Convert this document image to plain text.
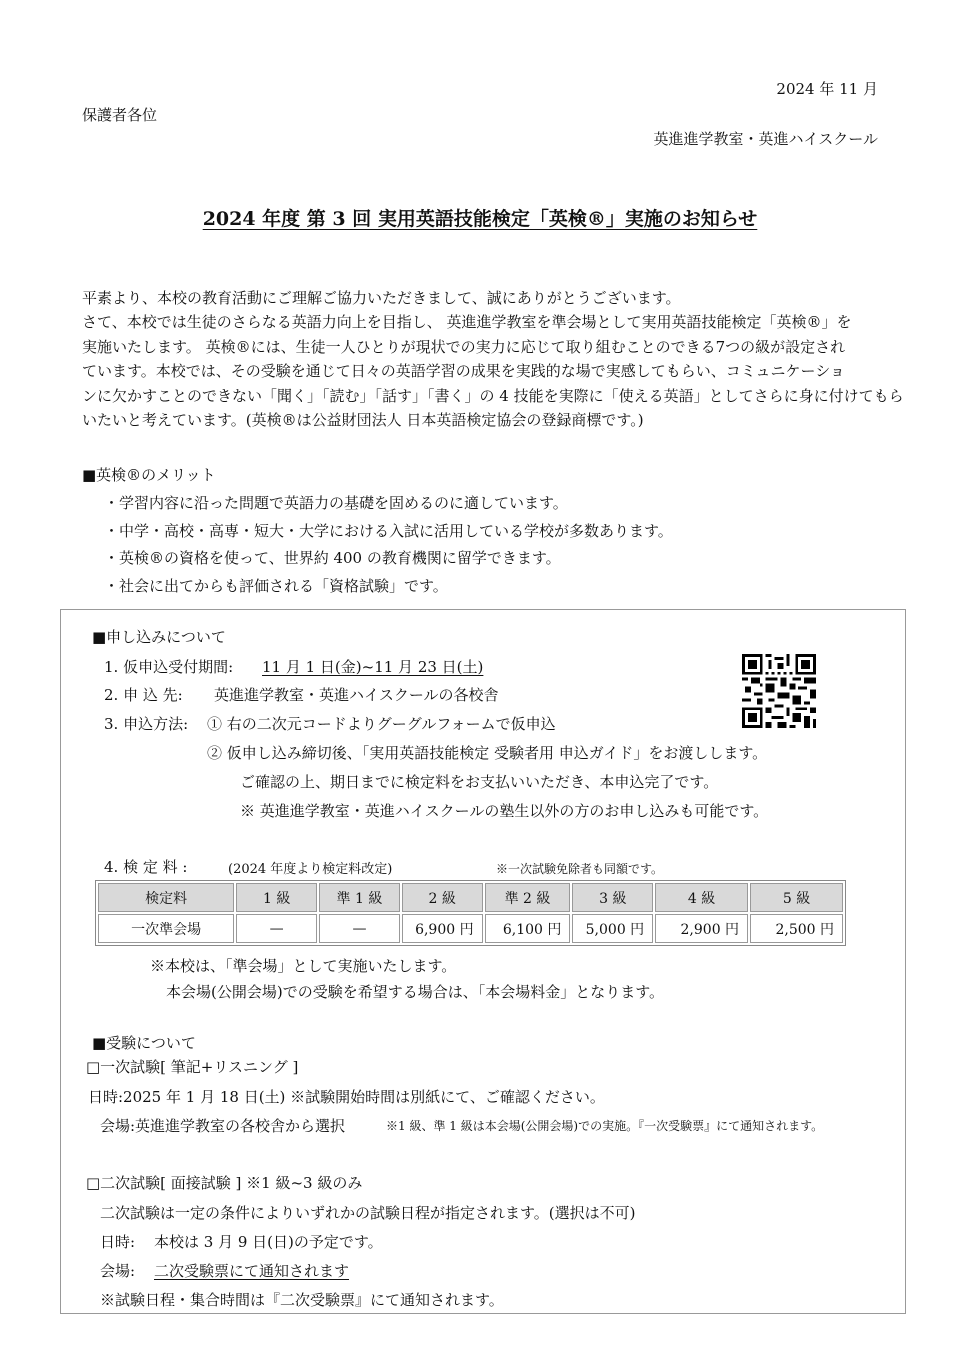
2024 年 11 月
保護者各位
英進進学教室・英進ハイスクール
2024 年度 第 3 回 実用英語技能検定「英検®」実施のお知らせ
平素より、本校の教育活動にご理解ご協力いただきまして、誠にありがとうございます。
さて、本校では生徒のさらなる英語力向上を目指し、 英進進学教室を準会場として実用英語技能検定「英検®」を
実施いたします。 英検®には、生徒一人ひとりが現状での実力に応じて取り組むことのできる7つの級が設定され
ています。本校では、その受験を通じて日々の英語学習の成果を実践的な場で実感してもらい、コミュニケーショ
ンに欠かすことのできない「聞く」「読む」「話す」「書く」の 4 技能を実際に「使える英語」としてさらに身に付けてもら
いたいと考えています。(英検®は公益財団法人 日本英語検定協会の登録商標です。)
■英検®のメリット
・学習内容に沿った問題で英語力の基礎を固めるのに適しています。
・中学・高校・高専・短大・大学における入試に活用している学校が多数あります。
・英検®の資格を使って、世界約 400 の教育機関に留学できます。
・社会に出てからも評価される「資格試験」です。
■申し込みについて
1. 仮申込受付期間: 11 月 1 日(金)~11 月 23 日(土)
2. 申 込 先: 英進進学教室・英進ハイスクールの各校舎
3. 申込方法: ① 右の二次元コードよりグーグルフォームで仮申込
② 仮申し込み締切後、「実用英語技能検定 受験者用 申込ガイド」をお渡しします。
ご確認の上、期日までに検定料をお支払いいただき、本申込完了です。
※ 英進進学教室・英進ハイスクールの塾生以外の方のお申し込みも可能です。
4. 検 定 料 :	(2024 年度より検定料改定)	※一次試験免除者も同額です。
検定料	1 級	準 1 級	2 級	準 2 級	3 級	4 級	5 級
一次準会場	—	—	6,900 円	6,100 円	5,000 円	2,900 円	2,500 円
※本校は、「準会場」として実施いたします。
本会場(公開会場)での受験を希望する場合は、「本会場料金」となります。
■受験について
□一次試験[ 筆記+リスニング ]
日時:2025 年 1 月 18 日(土) ※試験開始時間は別紙にて、ご確認ください。
会場:英進進学教室の各校舎から選択	※1 級、準 1 級は本会場(公開会場)での実施。『一次受験票』にて通知されます。
□二次試験[ 面接試験 ] ※1 級~3 級のみ
二次試験は一定の条件によりいずれかの試験日程が指定されます。(選択は不可)
日時: 本校は 3 月 9 日(日)の予定です。
会場: 二次受験票にて通知されます
※試験日程・集合時間は『二次受験票』にて通知されます。
